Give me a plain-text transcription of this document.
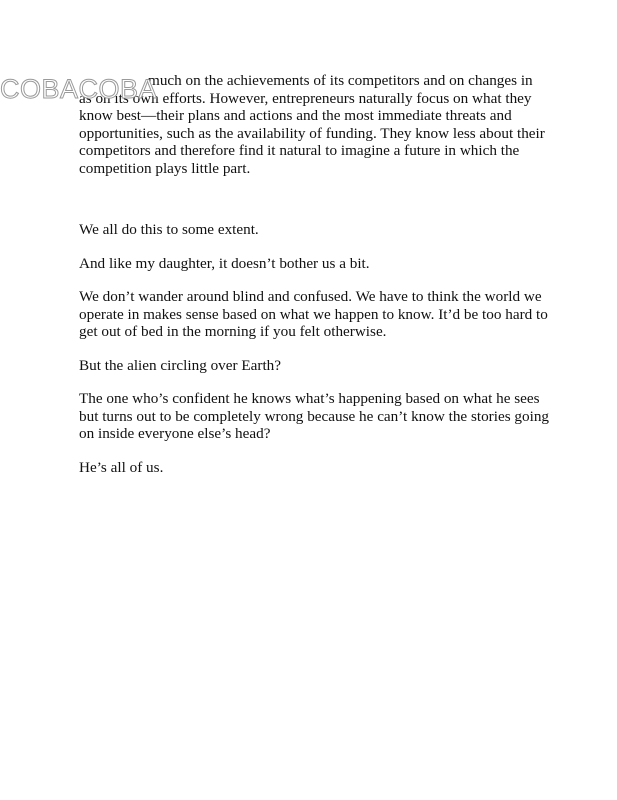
COBACOBA

much on the achievements of its competitors and on changes in as on its own efforts. However, entrepreneurs naturally focus on what they know best—their plans and actions and the most immediate threats and opportunities, such as the availability of funding. They know less about their competitors and therefore find it natural to imagine a future in which the competition plays little part.

We all do this to some extent.

And like my daughter, it doesn’t bother us a bit.

We don’t wander around blind and confused. We have to think the world we operate in makes sense based on what we happen to know. It’d be too hard to get out of bed in the morning if you felt otherwise.

But the alien circling over Earth?

The one who’s confident he knows what’s happening based on what he sees but turns out to be completely wrong because he can’t know the stories going on inside everyone else’s head?

He’s all of us.
